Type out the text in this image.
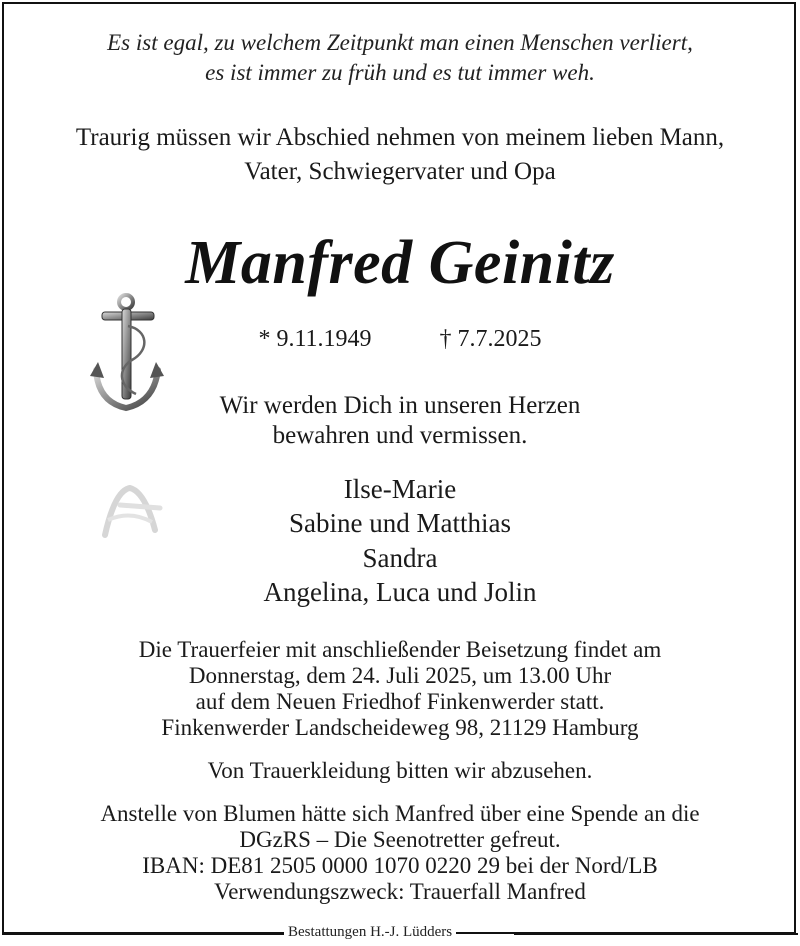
Es ist egal, zu welchem Zeitpunkt man einen Menschen verliert,
es ist immer zu früh und es tut immer weh.
Traurig müssen wir Abschied nehmen von meinem lieben Mann,
Vater, Schwiegervater und Opa
Manfred Geinitz
* 9.11.1949	† 7.7.2025
Wir werden Dich in unseren Herzen
bewahren und vermissen.
Ilse-Marie
Sabine und Matthias
Sandra
Angelina, Luca und Jolin
Die Trauerfeier mit anschließender Beisetzung findet am
Donnerstag, dem 24. Juli 2025, um 13.00 Uhr
auf dem Neuen Friedhof Finkenwerder statt.
Finkenwerder Landscheideweg 98, 21129 Hamburg
Von Trauerkleidung bitten wir abzusehen.
Anstelle von Blumen hätte sich Manfred über eine Spende an die
DGzRS – Die Seenotretter gefreut.
IBAN: DE81 2505 0000 1070 0220 29 bei der Nord/LB
Verwendungszweck: Trauerfall Manfred
Bestattungen H.-J. Lüdders
